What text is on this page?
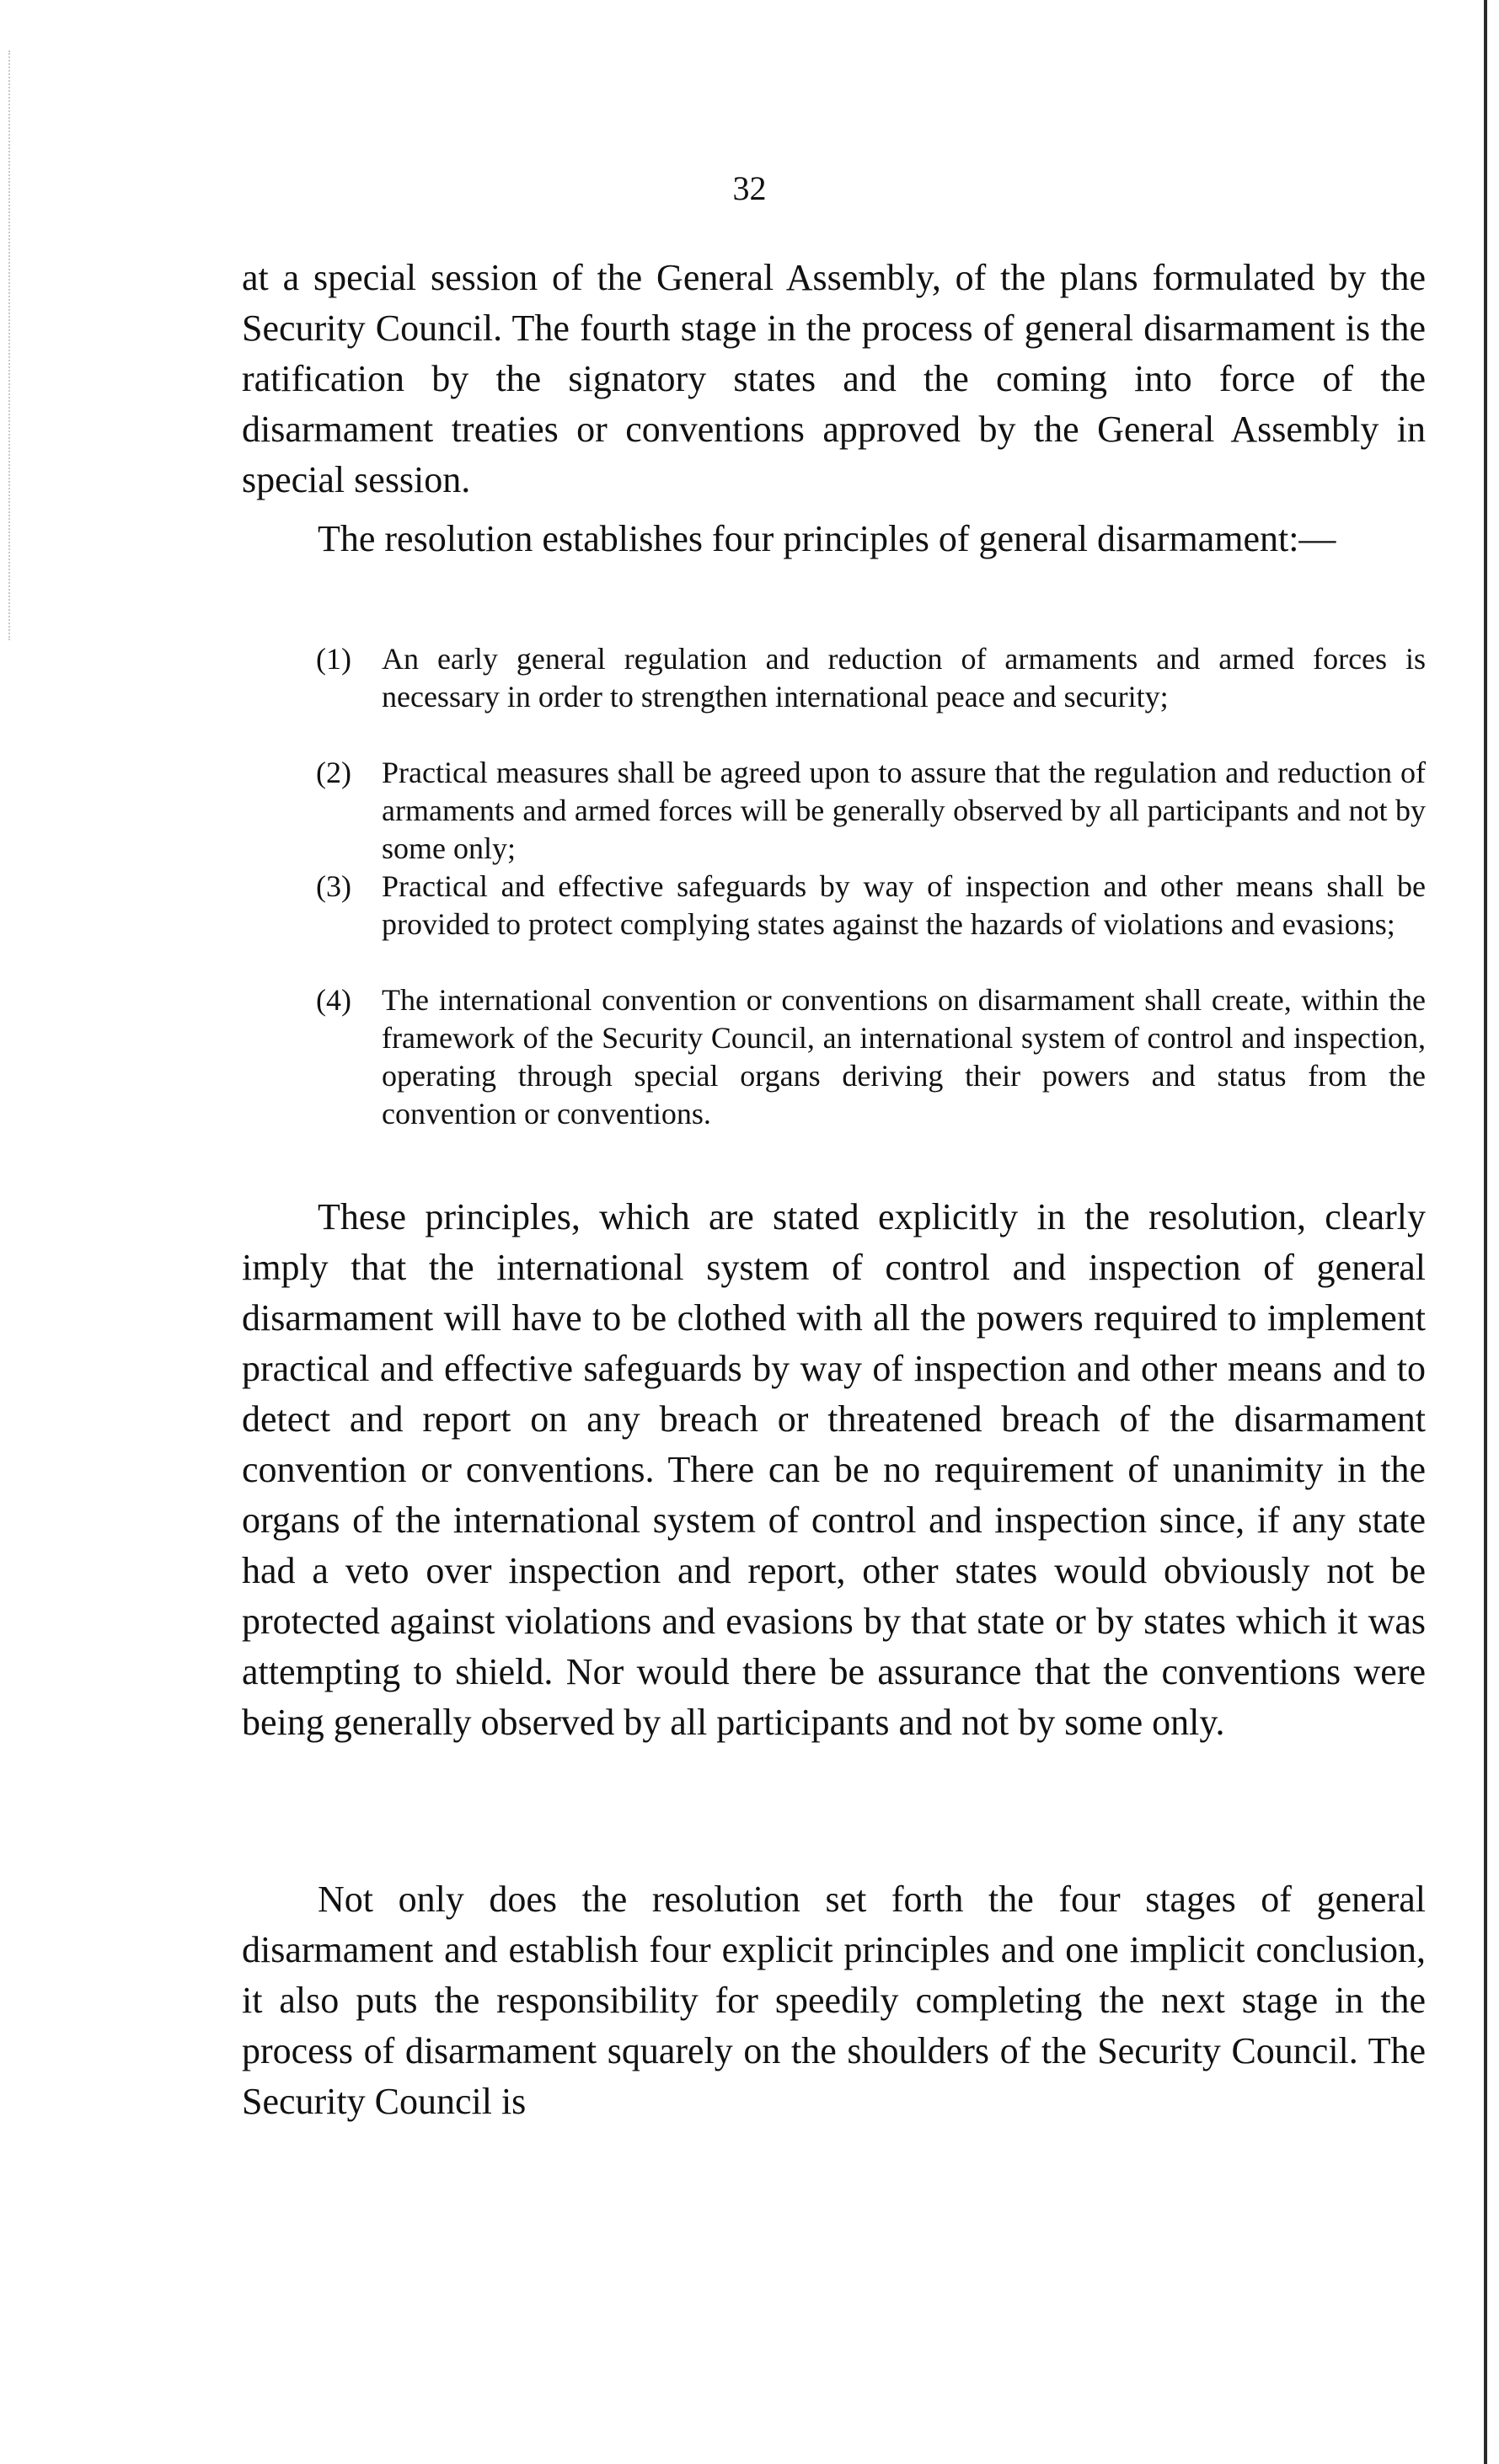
32

at a special session of the General Assembly, of the plans formulated by the Security Council. The fourth stage in the process of general disarmament is the ratification by the signatory states and the coming into force of the disarmament treaties or conventions approved by the General Assembly in special session.

The resolution establishes four principles of general disarmament:—

(1) An early general regulation and reduction of armaments and armed forces is necessary in order to strengthen international peace and security;
(2) Practical measures shall be agreed upon to assure that the regulation and reduction of armaments and armed forces will be generally observed by all participants and not by some only;
(3) Practical and effective safeguards by way of inspection and other means shall be provided to protect complying states against the hazards of violations and evasions;
(4) The international convention or conventions on disarmament shall create, within the framework of the Security Council, an international system of control and inspection, operating through special organs deriving their powers and status from the convention or conventions.

These principles, which are stated explicitly in the resolution, clearly imply that the international system of control and inspection of general disarmament will have to be clothed with all the powers required to implement practical and effective safeguards by way of inspection and other means and to detect and report on any breach or threatened breach of the disarmament convention or conventions. There can be no requirement of unanimity in the organs of the international system of control and inspection since, if any state had a veto over inspection and report, other states would obviously not be protected against violations and evasions by that state or by states which it was attempting to shield. Nor would there be assurance that the conventions were being generally observed by all participants and not by some only.

Not only does the resolution set forth the four stages of general disarmament and establish four explicit principles and one implicit conclusion, it also puts the responsibility for speedily completing the next stage in the process of disarmament squarely on the shoulders of the Security Council. The Security Council is
